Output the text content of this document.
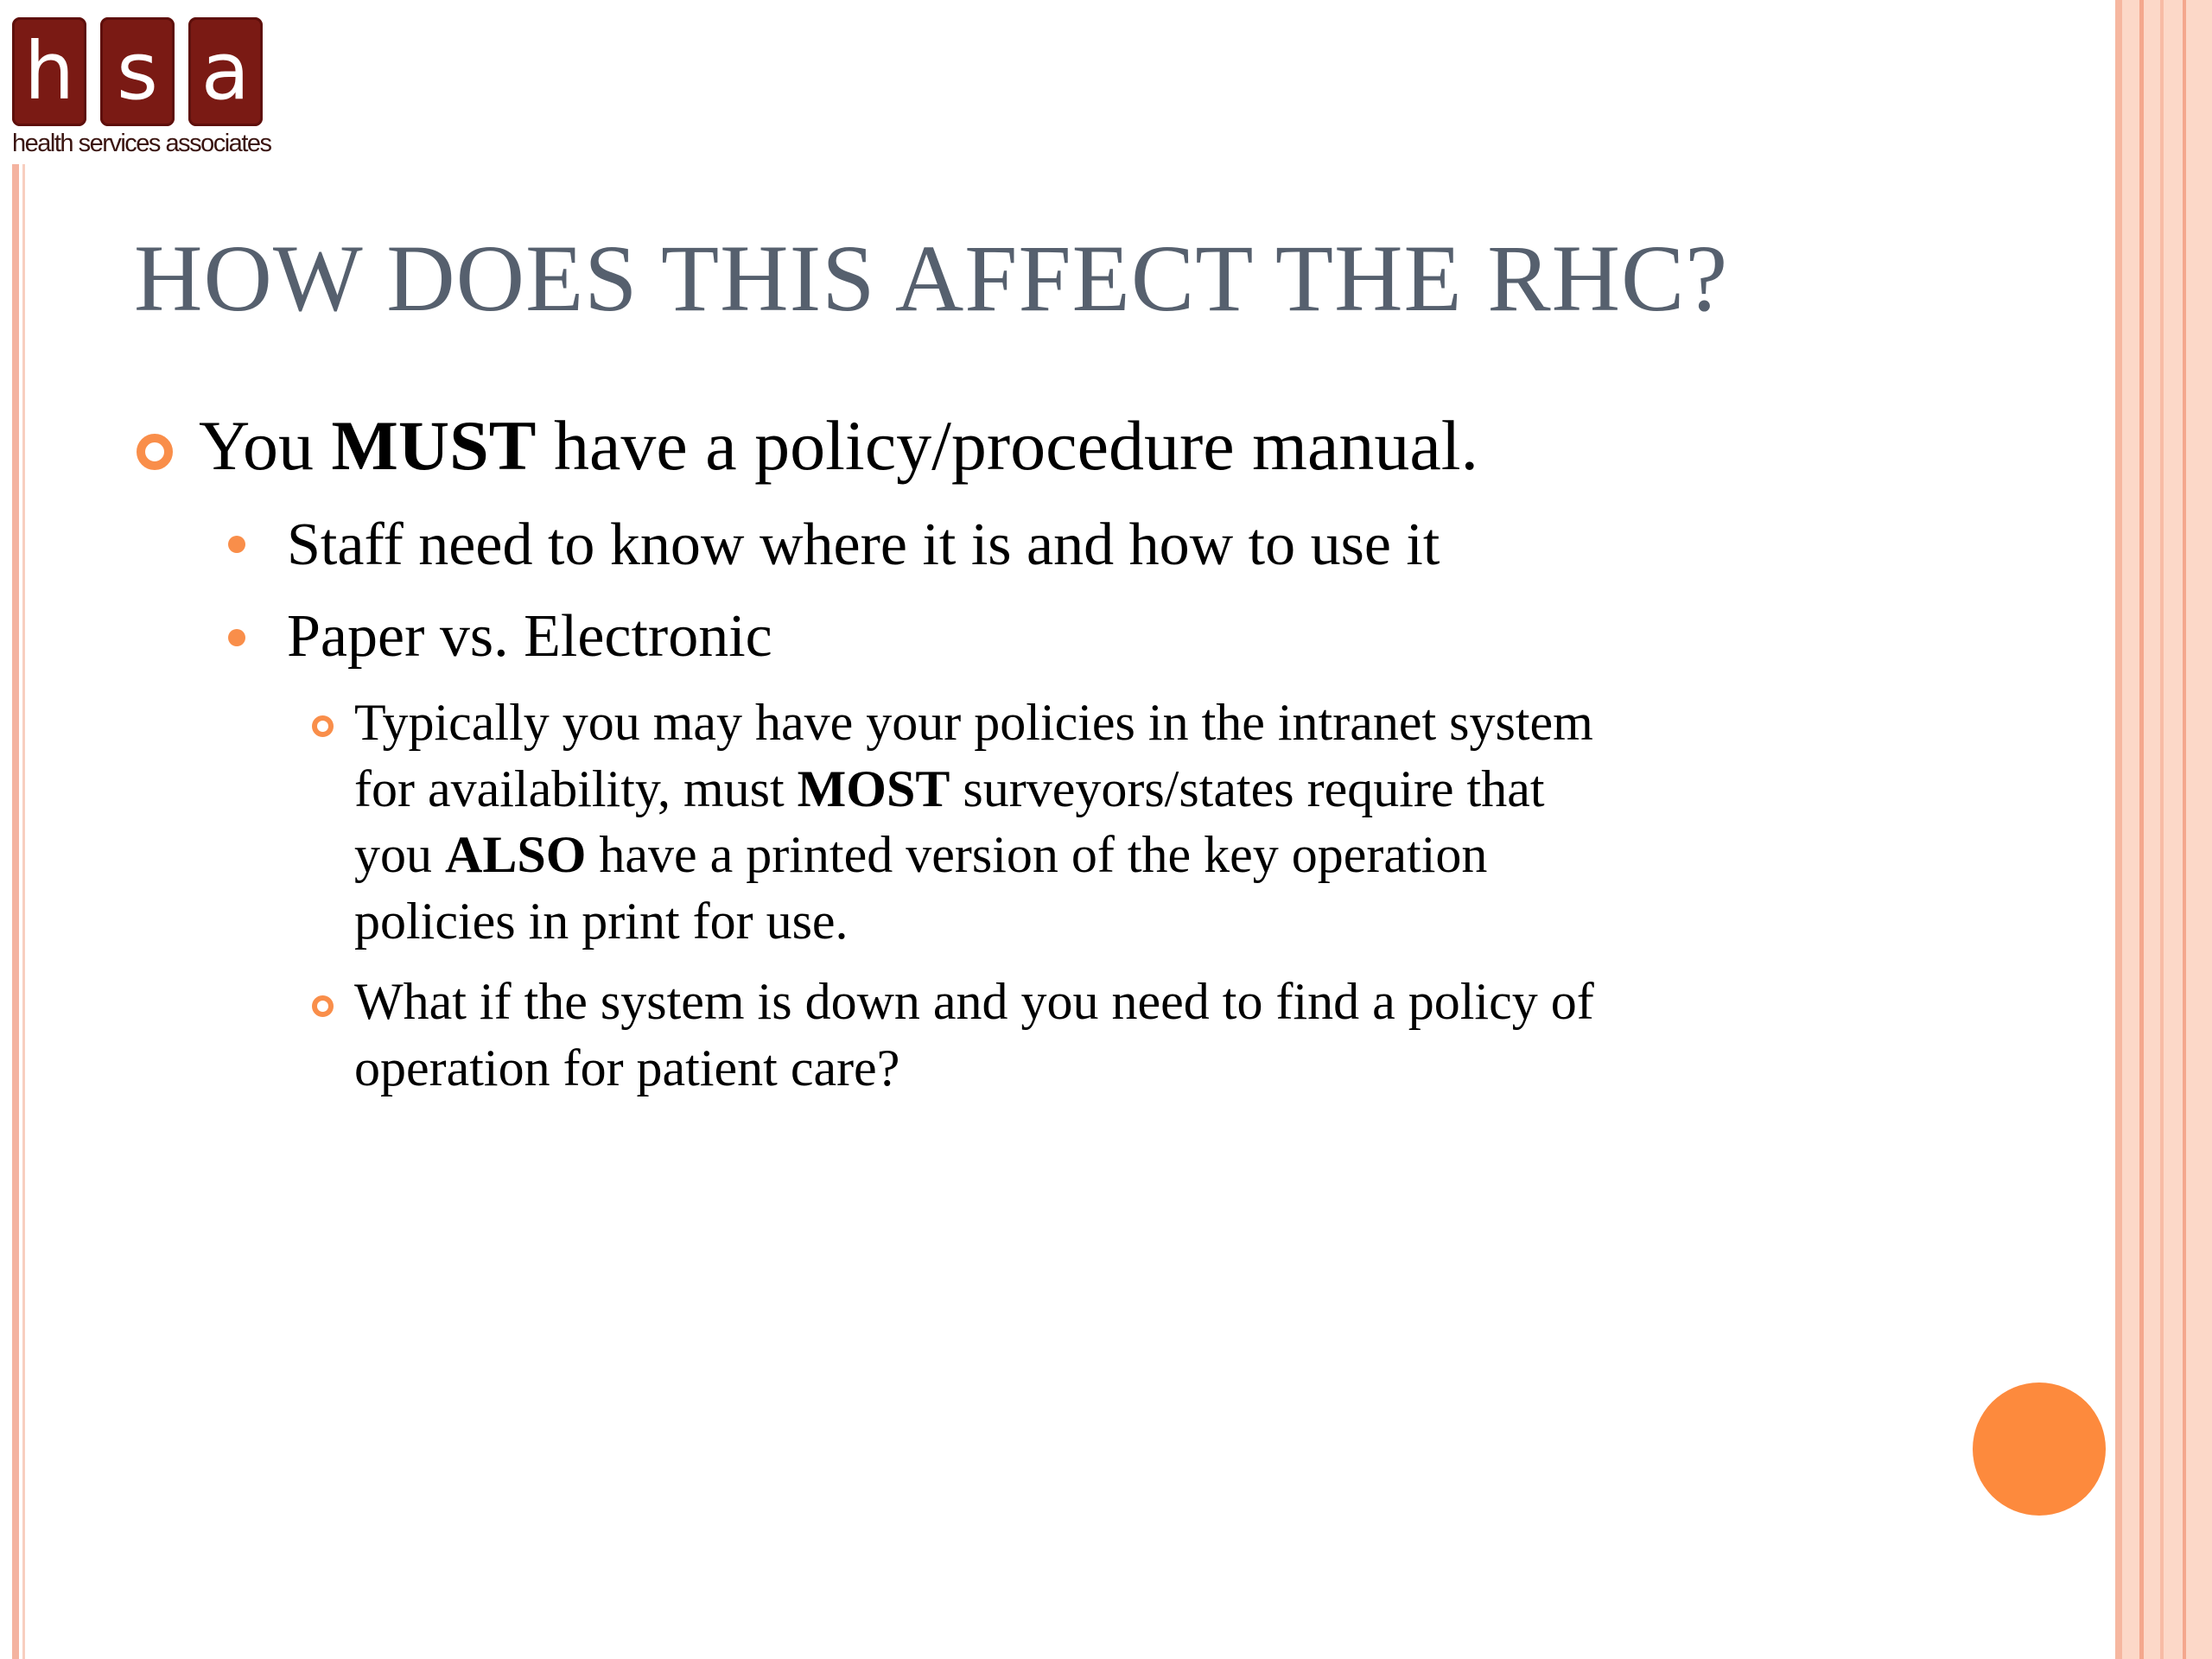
h s a
health services associates
HOW DOES THIS AFFECT THE RHC?
You MUST have a policy/procedure manual.
Staff need to know where it is and how to use it
Paper vs. Electronic
Typically you may have your policies in the intranet system
for availability, must MOST surveyors/states require that
you ALSO have a printed version of the key operation
policies in print for use.
What if the system is down and you need to find a policy of
operation for patient care?
